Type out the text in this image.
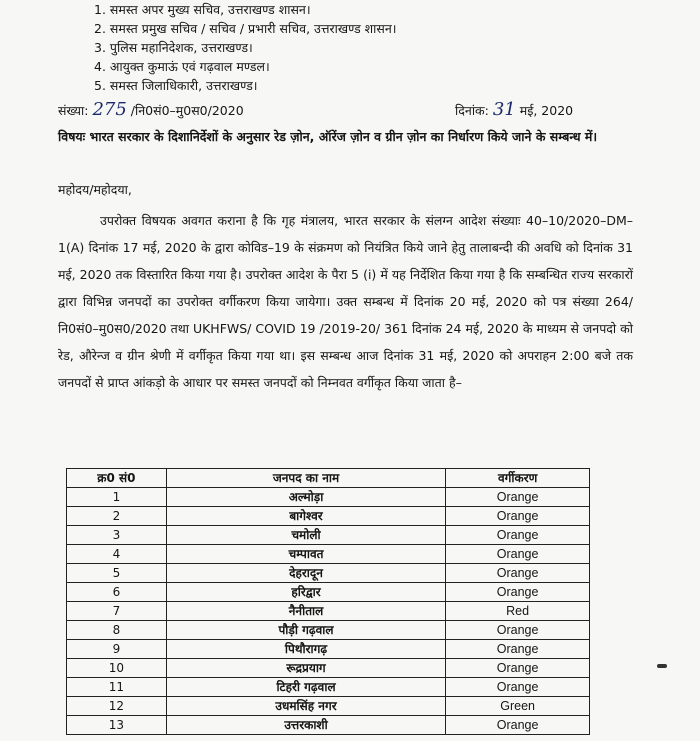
1. समस्त अपर मुख्य सचिव, उत्तराखण्ड शासन।
2. समस्त प्रमुख सचिव / सचिव / प्रभारी सचिव, उत्तराखण्ड शासन।
3. पुलिस महानिदेशक, उत्तराखण्ड।
4. आयुक्त कुमाऊं एवं गढ़वाल मण्डल।
5. समस्त जिलाधिकारी, उत्तराखण्ड।
संख्या: 275 /नि0सं0–मु0स0/2020	दिनांक: 31 मई, 2020
विषयः भारत सरकार के दिशानिर्देशों के अनुसार रेड ज़ोन, ऑरेंज ज़ोन व ग्रीन ज़ोन का निर्धारण किये जाने के सम्बन्ध में।
महोदय/महोदया,
उपरोक्त विषयक अवगत कराना है कि गृह मंत्रालय, भारत सरकार के संलग्न आदेश संख्याः 40–10/2020–DM– 1(A) दिनांक 17 मई, 2020 के द्वारा कोविड–19 के संक्रमण को नियंत्रित किये जाने हेतु तालाबन्दी की अवधि को दिनांक 31 मई, 2020 तक विस्तारित किया गया है। उपरोक्त आदेश के पैरा 5 (i) में यह निर्देशित किया गया है कि सम्बन्धित राज्य सरकारों द्वारा विभिन्न जनपदों का उपरोक्त वर्गीकरण किया जायेगा। उक्त सम्बन्ध में दिनांक 20 मई, 2020 को पत्र संख्या 264/नि0सं0–मु0स0/2020 तथा UKHFWS/ COVID 19 /2019-20/ 361 दिनांक 24 मई, 2020 के माध्यम से जनपदो को रेड, औरेन्ज व ग्रीन श्रेणी में वर्गीकृत किया गया था। इस सम्बन्ध आज दिनांक 31 मई, 2020 को अपराहन 2:00 बजे तक जनपदों से प्राप्त आंकड़ो के आधार पर समस्त जनपदों को निम्नवत वर्गीकृत किया जाता है–
क्र0 सं0	जनपद का नाम	वर्गीकरण
1	अल्मोड़ा	Orange
2	बागेश्वर	Orange
3	चमोली	Orange
4	चम्पावत	Orange
5	देहरादून	Orange
6	हरिद्वार	Orange
7	नैनीताल	Red
8	पौड़ी गढ़वाल	Orange
9	पिथौरागढ़	Orange
10	रूद्रप्रयाग	Orange
11	टिहरी गढ़वाल	Orange
12	उधमसिंह नगर	Green
13	उत्तरकाशी	Orange
